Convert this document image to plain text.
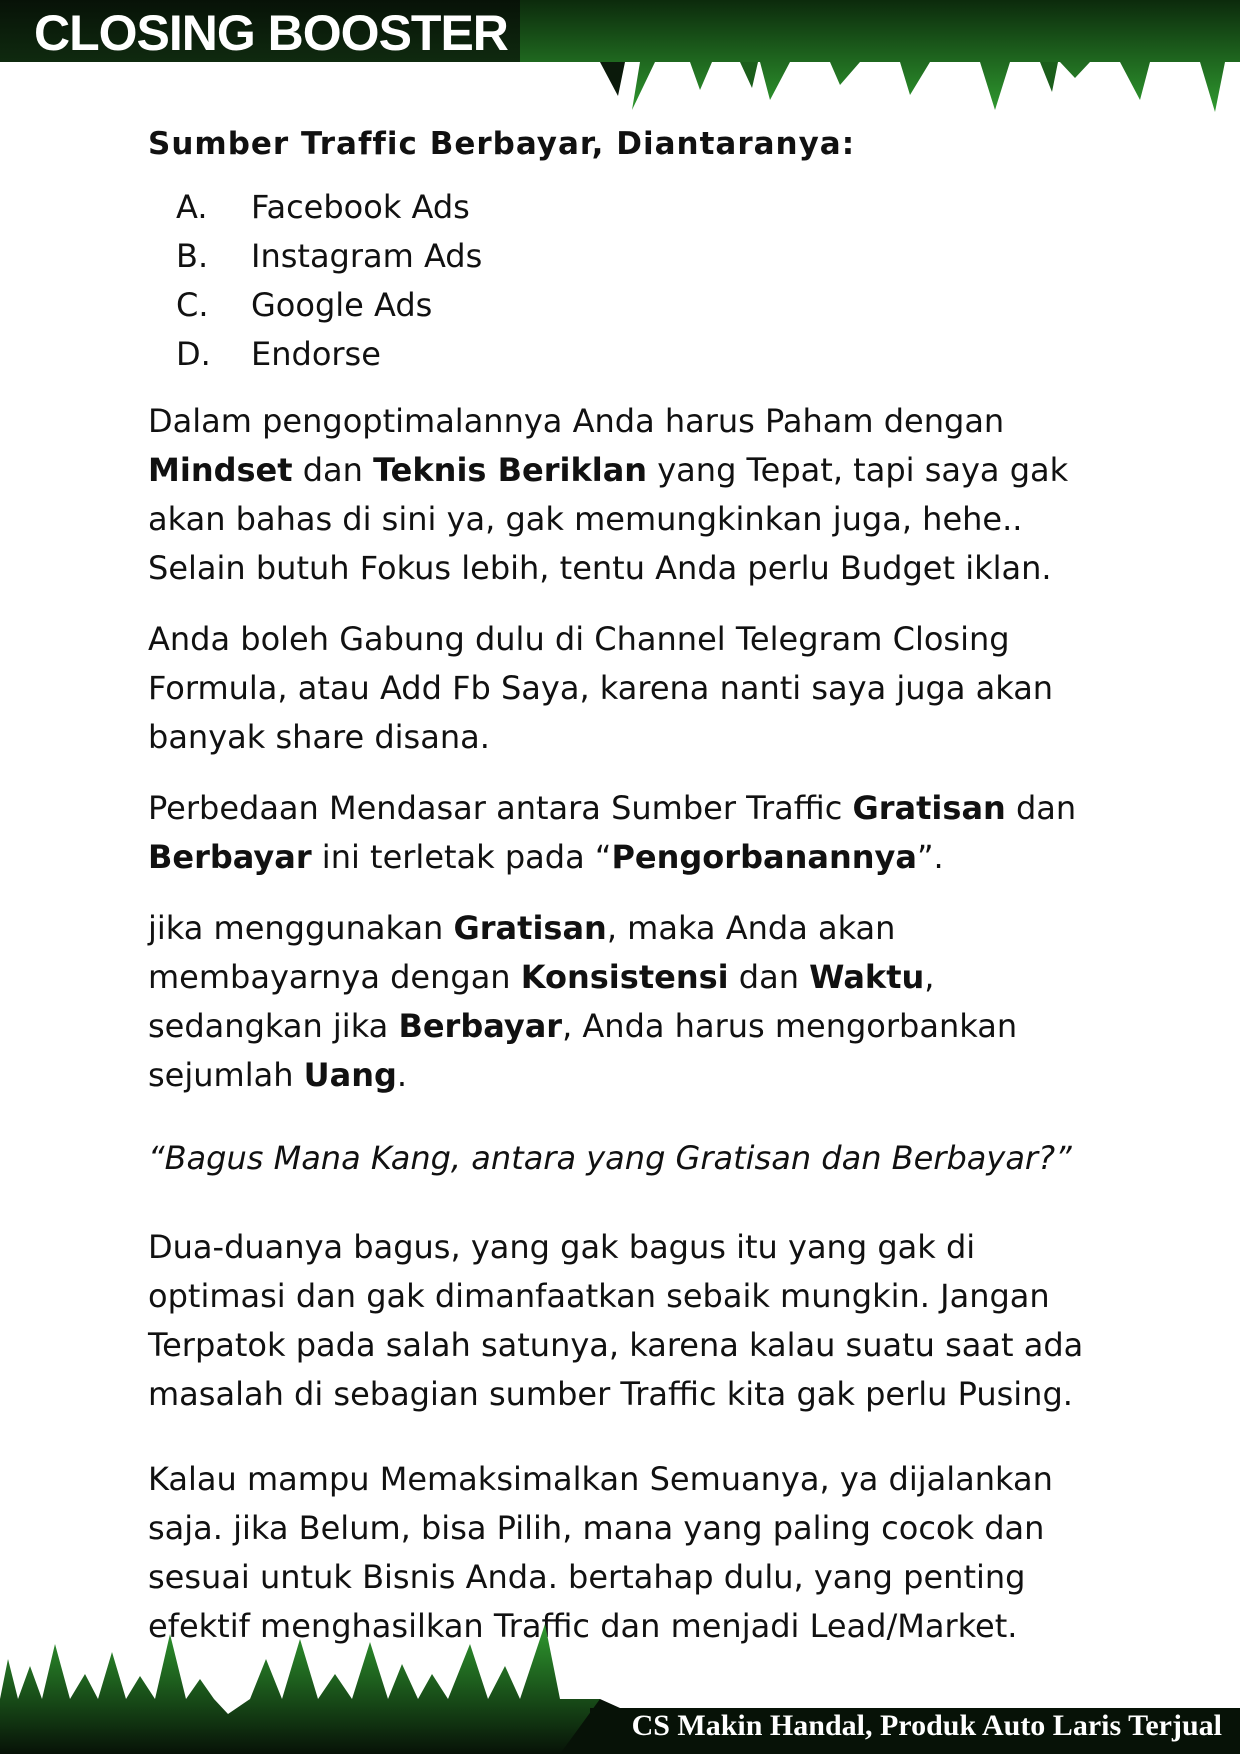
CLOSING BOOSTER

Sumber Traffic Berbayar, Diantaranya:

A.	Facebook Ads
B.	Instagram Ads
C.	Google Ads
D.	Endorse

Dalam pengoptimalannya Anda harus Paham dengan Mindset dan Teknis Beriklan yang Tepat, tapi saya gak akan bahas di sini ya, gak memungkinkan juga, hehe.. Selain butuh Fokus lebih, tentu Anda perlu Budget iklan.

Anda boleh Gabung dulu di Channel Telegram Closing Formula, atau Add Fb Saya, karena nanti saya juga akan banyak share disana.

Perbedaan Mendasar antara Sumber Traffic Gratisan dan Berbayar ini terletak pada “Pengorbanannya”.

jika menggunakan Gratisan, maka Anda akan membayarnya dengan Konsistensi dan Waktu, sedangkan jika Berbayar, Anda harus mengorbankan sejumlah Uang.

“Bagus Mana Kang, antara yang Gratisan dan Berbayar?”

Dua-duanya bagus, yang gak bagus itu yang gak di optimasi dan gak dimanfaatkan sebaik mungkin. Jangan Terpatok pada salah satunya, karena kalau suatu saat ada masalah di sebagian sumber Traffic kita gak perlu Pusing.

Kalau mampu Memaksimalkan Semuanya, ya dijalankan saja. jika Belum, bisa Pilih, mana yang paling cocok dan sesuai untuk Bisnis Anda. bertahap dulu, yang penting efektif menghasilkan Traffic dan menjadi Lead/Market.

CS Makin Handal, Produk Auto Laris Terjual
